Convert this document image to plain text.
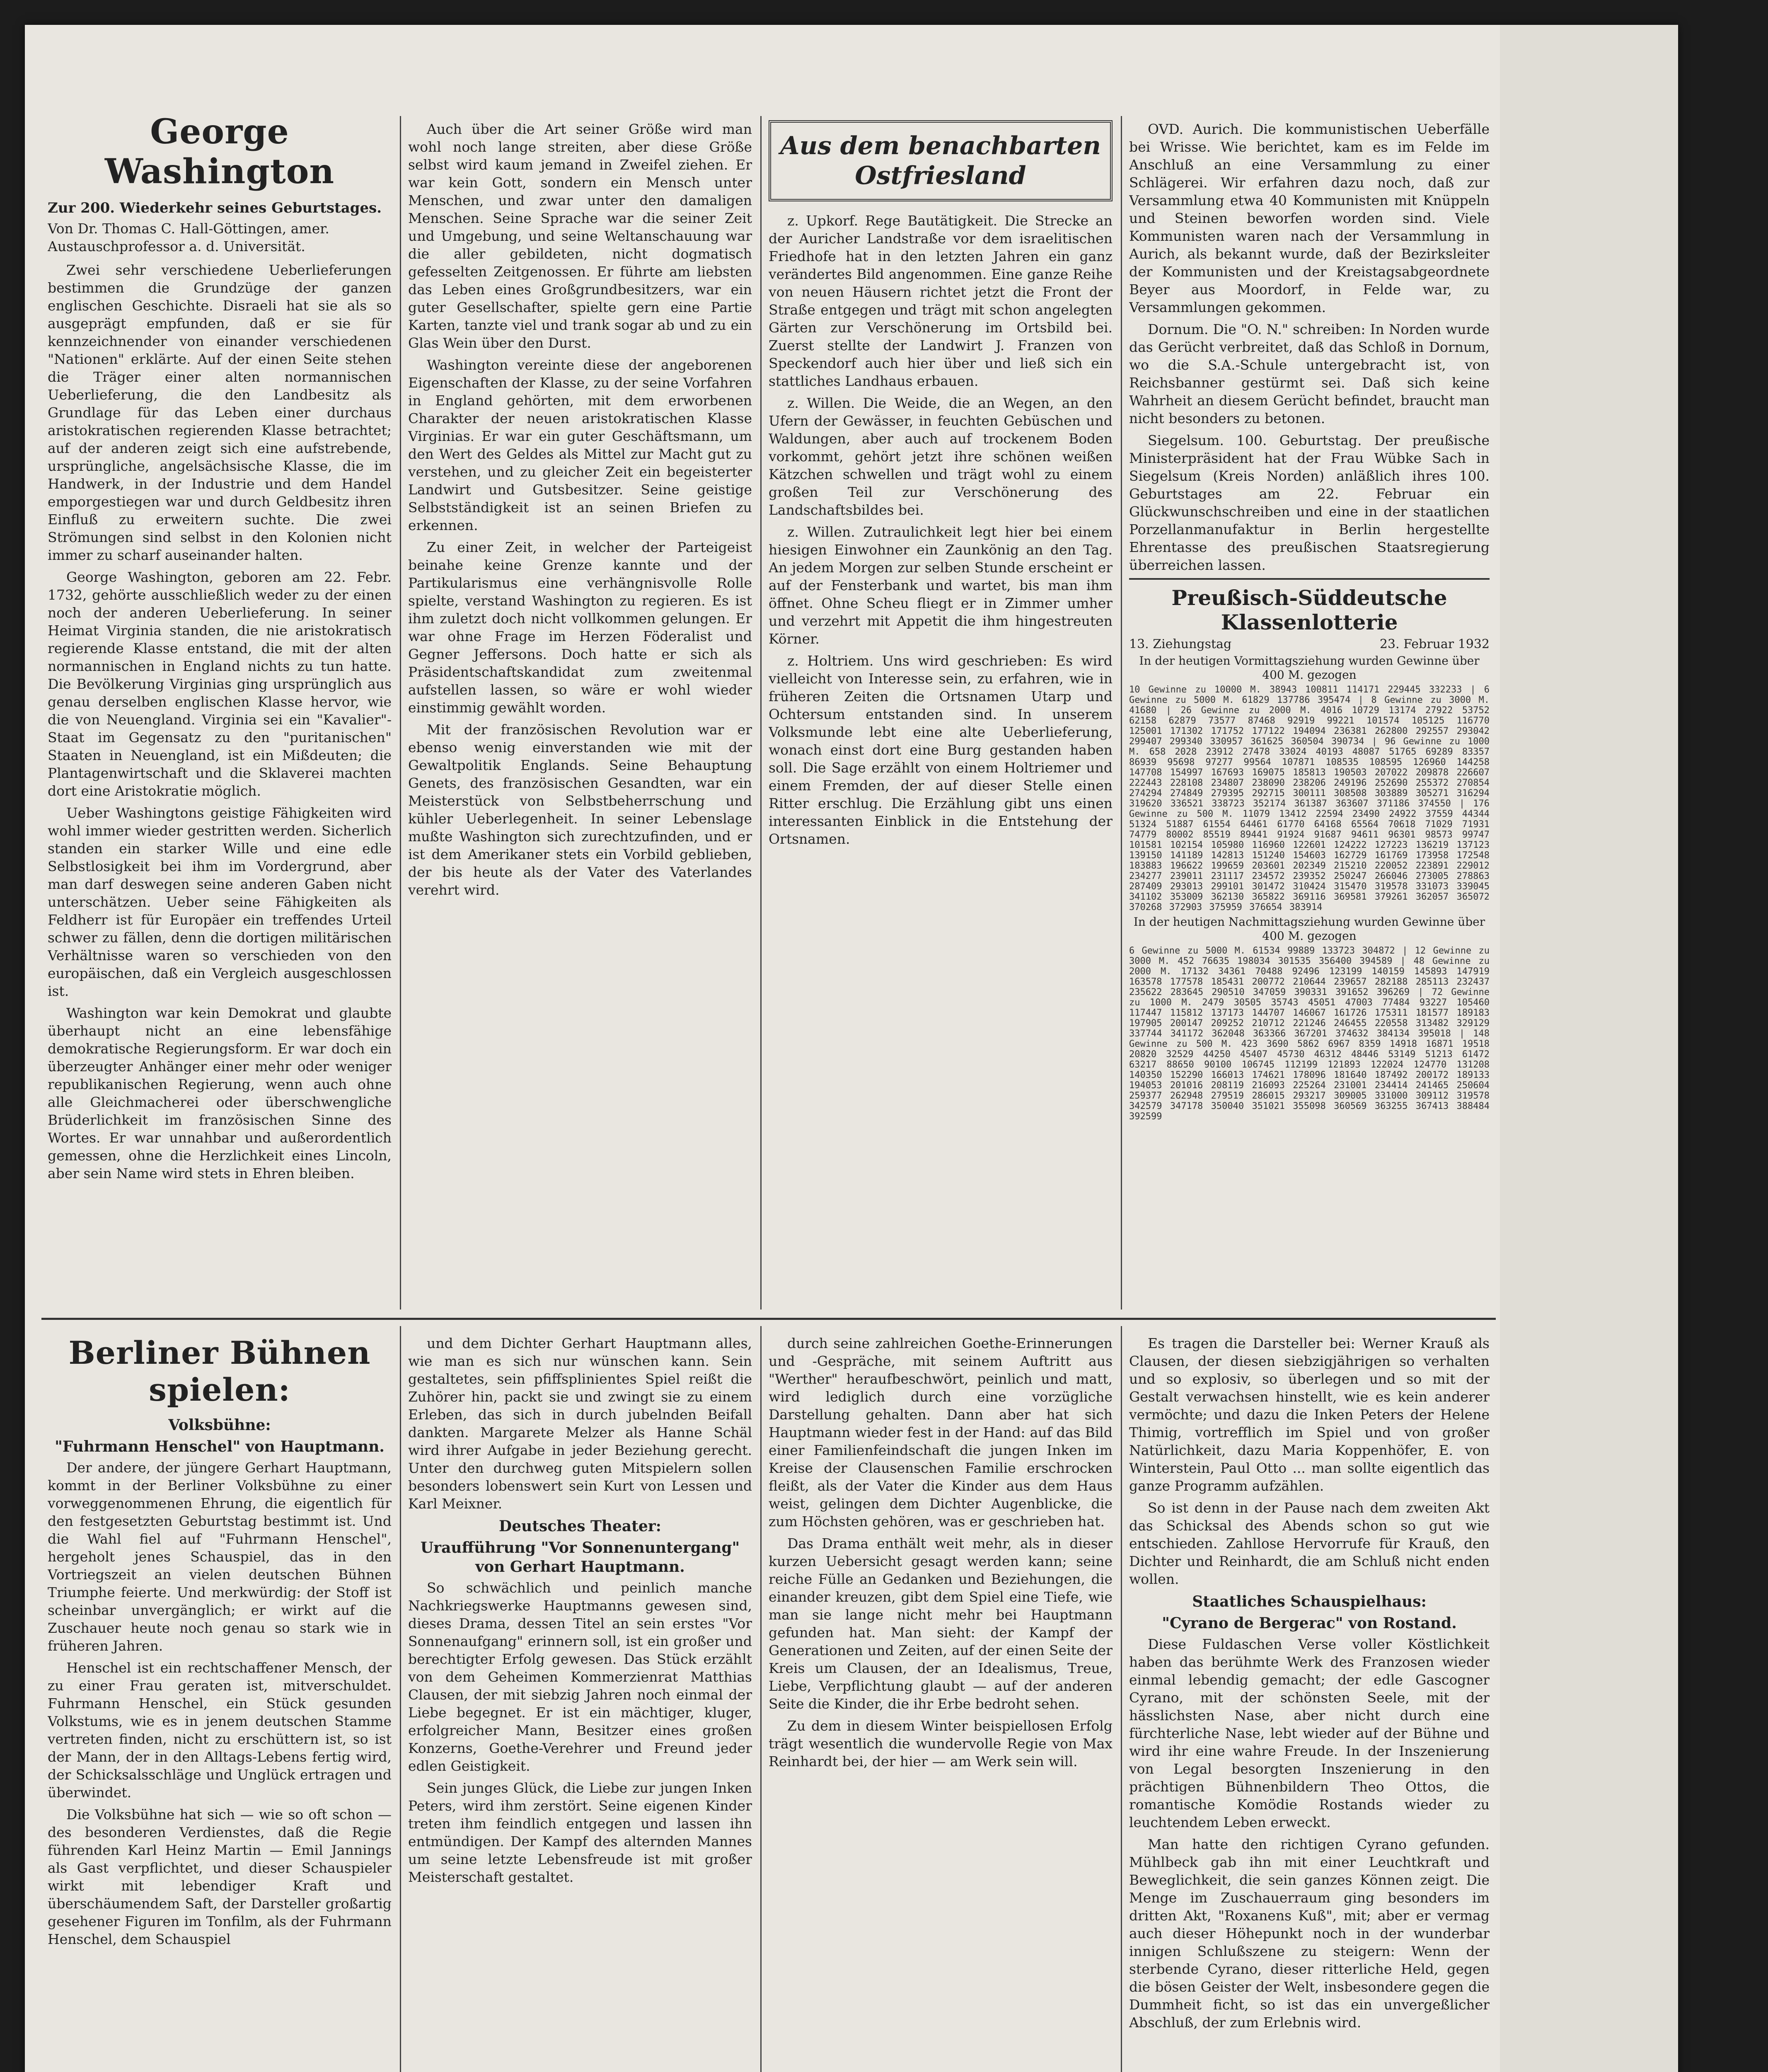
George Washington
Zur 200. Wiederkehr seines Geburtstages.
Von Dr. Thomas C. Hall-Göttingen, amer. Austauschprofessor a. d. Universität.

Zwei sehr verschiedene Ueberlieferungen bestimmen die Grundzüge der ganzen englischen Geschichte. Disraeli hat sie als so ausgeprägt empfunden, daß er sie für kennzeichnender von einander verschiedenen "Nationen" erklärte. Auf der einen Seite stehen die Träger einer alten normannischen Ueberlieferung, die den Landbesitz als Grundlage für das Leben einer durchaus aristokratischen regierenden Klasse betrachtet; auf der anderen zeigt sich eine aufstrebende, ursprüngliche, angelsächsische Klasse, die im Handwerk, in der Industrie und dem Handel emporgestiegen war und durch Geldbesitz ihren Einfluß zu erweitern suchte. Die zwei Strömungen sind selbst in den Kolonien nicht immer zu scharf auseinander halten.

George Washington, geboren am 22. Febr. 1732, gehörte ausschließlich weder zu der einen noch der anderen Ueberlieferung. In seiner Heimat Virginia standen, die nie aristokratisch regierende Klasse entstand, die mit der alten normannischen in England nichts zu tun hatte. Die Bevölkerung Virginias ging ursprünglich aus genau derselben englischen Klasse hervor, wie die von Neuengland. Virginia sei ein "Kavalier"-Staat im Gegensatz zu den "puritanischen" Staaten in Neuengland, ist ein Mißdeuten; die Plantagenwirtschaft und die Sklaverei machten dort eine Aristokratie möglich.

Ueber Washingtons geistige Fähigkeiten wird wohl immer wieder gestritten werden. Sicherlich standen ein starker Wille und eine edle Selbstlosigkeit bei ihm im Vordergrund, aber man darf deswegen seine anderen Gaben nicht unterschätzen. Ueber seine Fähigkeiten als Feldherr ist für Europäer ein treffendes Urteil schwer zu fällen, denn die dortigen militärischen Verhältnisse waren so verschieden von den europäischen, daß ein Vergleich ausgeschlossen ist.

Washington war kein Demokrat und glaubte überhaupt nicht an eine lebensfähige demokratische Regierungsform. Er war doch ein überzeugter Anhänger einer mehr oder weniger republikanischen Regierung, wenn auch ohne alle Gleichmacherei oder überschwengliche Brüderlichkeit im französischen Sinne des Wortes. Er war unnahbar und außerordentlich gemessen, ohne die Herzlichkeit eines Lincoln, aber sein Name wird stets in Ehren bleiben.

Auch über die Art seiner Größe wird man wohl noch lange streiten, aber diese Größe selbst wird kaum jemand in Zweifel ziehen. Er war kein Gott, sondern ein Mensch unter Menschen, und zwar unter den damaligen Menschen. Seine Sprache war die seiner Zeit und Umgebung, und seine Weltanschauung war die aller gebildeten, nicht dogmatisch gefesselten Zeitgenossen. Er führte am liebsten das Leben eines Großgrundbesitzers, war ein guter Gesellschafter, spielte gern eine Partie Karten, tanzte viel und trank sogar ab und zu ein Glas Wein über den Durst.

Washington vereinte diese der angeborenen Eigenschaften der Klasse, zu der seine Vorfahren in England gehörten, mit dem erworbenen Charakter der neuen aristokratischen Klasse Virginias. Er war ein guter Geschäftsmann, um den Wert des Geldes als Mittel zur Macht gut zu verstehen, und zu gleicher Zeit ein begeisterter Landwirt und Gutsbesitzer. Seine geistige Selbstständigkeit ist an seinen Briefen zu erkennen.

Zu einer Zeit, in welcher der Parteigeist beinahe keine Grenze kannte und der Partikularismus eine verhängnisvolle Rolle spielte, verstand Washington zu regieren. Es ist ihm zuletzt doch nicht vollkommen gelungen. Er war ohne Frage im Herzen Föderalist und Gegner Jeffersons. Doch hatte er sich als Präsidentschaftskandidat zum zweitenmal aufstellen lassen, so wäre er wohl wieder einstimmig gewählt worden.

Mit der französischen Revolution war er ebenso wenig einverstanden wie mit der Gewaltpolitik Englands. Seine Behauptung Genets, des französischen Gesandten, war ein Meisterstück von Selbstbeherrschung und kühler Ueberlegenheit. In seiner Lebenslage mußte Washington sich zurechtzufinden, und er ist dem Amerikaner stets ein Vorbild geblieben, der bis heute als der Vater des Vaterlandes verehrt wird.

Aus dem benachbarten Ostfriesland

z. Upkorf. Rege Bautätigkeit. Die Strecke an der Auricher Landstraße vor dem israelitischen Friedhofe hat in den letzten Jahren ein ganz verändertes Bild angenommen. Eine ganze Reihe von neuen Häusern richtet jetzt die Front der Straße entgegen und trägt mit schon angelegten Gärten zur Verschönerung im Ortsbild bei. Zuerst stellte der Landwirt J. Franzen von Speckendorf auch hier über und ließ sich ein stattliches Landhaus erbauen.

z. Willen. Die Weide, die an Wegen, an den Ufern der Gewässer, in feuchten Gebüschen und Waldungen, aber auch auf trockenem Boden vorkommt, gehört jetzt ihre schönen weißen Kätzchen schwellen und trägt wohl zu einem großen Teil zur Verschönerung des Landschaftsbildes bei.

z. Willen. Zutraulichkeit legt hier bei einem hiesigen Einwohner ein Zaunkönig an den Tag. An jedem Morgen zur selben Stunde erscheint er auf der Fensterbank und wartet, bis man ihm öffnet. Ohne Scheu fliegt er in Zimmer umher und verzehrt mit Appetit die ihm hingestreuten Körner.

z. Holtriem. Uns wird geschrieben: Es wird vielleicht von Interesse sein, zu erfahren, wie in früheren Zeiten die Ortsnamen Utarp und Ochtersum entstanden sind. In unserem Volksmunde lebt eine alte Ueberlieferung, wonach einst dort eine Burg gestanden haben soll. Die Sage erzählt von einem Holtriemer und einem Fremden, der auf dieser Stelle einen Ritter erschlug. Die Erzählung gibt uns einen interessanten Einblick in die Entstehung der Ortsnamen.

OVD. Aurich. Die kommunistischen Ueberfälle bei Wrisse. Wie berichtet, kam es im Felde im Anschluß an eine Versammlung zu einer Schlägerei. Wir erfahren dazu noch, daß zur Versammlung etwa 40 Kommunisten mit Knüppeln und Steinen beworfen worden sind. Viele Kommunisten waren nach der Versammlung in Aurich, als bekannt wurde, daß der Bezirksleiter der Kommunisten und der Kreistagsabgeordnete Beyer aus Moordorf, in Felde war, zu Versammlungen gekommen.

Dornum. Die "O. N." schreiben: In Norden wurde das Gerücht verbreitet, daß das Schloß in Dornum, wo die S.A.-Schule untergebracht ist, von Reichsbanner gestürmt sei. Daß sich keine Wahrheit an diesem Gerücht befindet, braucht man nicht besonders zu betonen.

Siegelsum. 100. Geburtstag. Der preußische Ministerpräsident hat der Frau Wübke Sach in Siegelsum (Kreis Norden) anläßlich ihres 100. Geburtstages am 22. Februar ein Glückwunschschreiben und eine in der staatlichen Porzellanmanufaktur in Berlin hergestellte Ehrentasse des preußischen Staatsregierung überreichen lassen.

Preußisch-Süddeutsche Klassenlotterie
13. Ziehungstag	23. Februar 1932
In der heutigen Vormittagsziehung wurden Gewinne über 400 M. gezogen
10 Gewinne zu 10000 M. 38943 100811 114171 229445 332233 | 6 Gewinne zu 5000 M. 61829 137786 395474 | 8 Gewinne zu 3000 M. 41680 | 26 Gewinne zu 2000 M. 4016 10729 13174 27922 53752 62158 62879 73577 87468 92919 99221 101574 105125 116770 125001 171302 171752 177122 194094 236381 262800 292557 293042 299407 299340 330957 361625 360504 390734 | 96 Gewinne zu 1000 M. 658 2028 23912 27478 33024 40193 48087 51765 69289 83357 86939 95698 97277 99564 107871 108535 108595 126960 144258 147708 154997 167693 169075 185813 190503 207022 209878 226607 222443 228108 234807 238090 238206 249196 252690 255372 270854 274294 274849 279395 292715 300111 308508 303889 305271 316294 319620 336521 338723 352174 361387 363607 371186 374550 | 176 Gewinne zu 500 M. 11079 13412 22594 23490 24922 37559 44344 51324 51887 61554 64461 61770 64168 65564 70618 71029 71931 74779 80002 85519 89441 91924 91687 94611 96301 98573 99747 101581 102154 105980 116960 122601 124222 127223 136219 137123 139150 141189 142813 151240 154603 162729 161769 173958 172548 183883 196622 199659 203601 202349 215210 220052 223891 229012 234277 239011 231117 234572 239352 250247 266046 273005 278863 287409 293013 299101 301472 310424 315470 319578 331073 339045 341102 353009 362130 365822 369116 369581 379261 362057 365072 370268 372903 375959 376654 383914
In der heutigen Nachmittagsziehung wurden Gewinne über 400 M. gezogen
6 Gewinne zu 5000 M. 61534 99889 133723 304872 | 12 Gewinne zu 3000 M. 452 76635 198034 301535 356400 394589 | 48 Gewinne zu 2000 M. 17132 34361 70488 92496 123199 140159 145893 147919 163578 177578 185431 200772 210644 239657 282188 285113 232437 235622 283645 290510 347059 390331 391652 396269 | 72 Gewinne zu 1000 M. 2479 30505 35743 45051 47003 77484 93227 105460 117447 115812 137173 144707 146067 161726 175311 181577 189183 197905 200147 209252 210712 221246 246455 220558 313482 329129 337744 341172 362048 363366 367201 374632 384134 395018 | 148 Gewinne zu 500 M. 423 3690 5862 6967 8359 14918 16871 19518 20820 32529 44250 45407 45730 46312 48446 53149 51213 61472 63217 88650 90100 106745 112199 121893 122024 124770 131208 140350 152290 166013 174621 178096 181640 187492 200172 189133 194053 201016 208119 216093 225264 231001 234414 241465 250604 259377 262948 279519 286015 293217 309005 331000 309112 319578 342579 347178 350040 351021 355098 360569 363255 367413 388484 392599
Berliner Bühnen spielen:
Volksbühne:
"Fuhrmann Henschel" von Hauptmann.

Der andere, der jüngere Gerhart Hauptmann, kommt in der Berliner Volksbühne zu einer vorweggenommenen Ehrung, die eigentlich für den festgesetzten Geburtstag bestimmt ist. Und die Wahl fiel auf "Fuhrmann Henschel", hergeholt jenes Schauspiel, das in den Vortriegszeit an vielen deutschen Bühnen Triumphe feierte. Und merkwürdig: der Stoff ist scheinbar unvergänglich; er wirkt auf die Zuschauer heute noch genau so stark wie in früheren Jahren.

Henschel ist ein rechtschaffener Mensch, der zu einer Frau geraten ist, mitverschuldet. Fuhrmann Henschel, ein Stück gesunden Volkstums, wie es in jenem deutschen Stamme vertreten finden, nicht zu erschüttern ist, so ist der Mann, der in den Alltags-Lebens fertig wird, der Schicksalsschläge und Unglück ertragen und überwindet.

Die Volksbühne hat sich — wie so oft schon — des besonderen Verdienstes, daß die Regie führenden Karl Heinz Martin — Emil Jannings als Gast verpflichtet, und dieser Schauspieler wirkt mit lebendiger Kraft und überschäumendem Saft, der Darsteller großartig gesehener Figuren im Tonfilm, als der Fuhrmann Henschel, dem Schauspiel

und dem Dichter Gerhart Hauptmann alles, wie man es sich nur wünschen kann. Sein gestaltetes, sein pfiffsplinientes Spiel reißt die Zuhörer hin, packt sie und zwingt sie zu einem Erleben, das sich in durch jubelnden Beifall dankten. Margarete Melzer als Hanne Schäl wird ihrer Aufgabe in jeder Beziehung gerecht. Unter den durchweg guten Mitspielern sollen besonders lobenswert sein Kurt von Lessen und Karl Meixner.

Deutsches Theater:
Uraufführung "Vor Sonnenuntergang" von Gerhart Hauptmann.

So schwächlich und peinlich manche Nachkriegswerke Hauptmanns gewesen sind, dieses Drama, dessen Titel an sein erstes "Vor Sonnenaufgang" erinnern soll, ist ein großer und berechtigter Erfolg gewesen. Das Stück erzählt von dem Geheimen Kommerzienrat Matthias Clausen, der mit siebzig Jahren noch einmal der Liebe begegnet. Er ist ein mächtiger, kluger, erfolgreicher Mann, Besitzer eines großen Konzerns, Goethe-Verehrer und Freund jeder edlen Geistigkeit.

Sein junges Glück, die Liebe zur jungen Inken Peters, wird ihm zerstört. Seine eigenen Kinder treten ihm feindlich entgegen und lassen ihn entmündigen. Der Kampf des alternden Mannes um seine letzte Lebensfreude ist mit großer Meisterschaft gestaltet.

durch seine zahlreichen Goethe-Erinnerungen und -Gespräche, mit seinem Auftritt aus "Werther" heraufbeschwört, peinlich und matt, wird lediglich durch eine vorzügliche Darstellung gehalten. Dann aber hat sich Hauptmann wieder fest in der Hand: auf das Bild einer Familienfeindschaft die jungen Inken im Kreise der Clausenschen Familie erschrocken fleißt, als der Vater die Kinder aus dem Haus weist, gelingen dem Dichter Augenblicke, die zum Höchsten gehören, was er geschrieben hat.

Das Drama enthält weit mehr, als in dieser kurzen Uebersicht gesagt werden kann; seine reiche Fülle an Gedanken und Beziehungen, die einander kreuzen, gibt dem Spiel eine Tiefe, wie man sie lange nicht mehr bei Hauptmann gefunden hat. Man sieht: der Kampf der Generationen und Zeiten, auf der einen Seite der Kreis um Clausen, der an Idealismus, Treue, Liebe, Verpflichtung glaubt — auf der anderen Seite die Kinder, die ihr Erbe bedroht sehen.

Zu dem in diesem Winter beispiellosen Erfolg trägt wesentlich die wundervolle Regie von Max Reinhardt bei, der hier — am Werk sein will.

Es tragen die Darsteller bei: Werner Krauß als Clausen, der diesen siebzigjährigen so verhalten und so explosiv, so überlegen und so mit der Gestalt verwachsen hinstellt, wie es kein anderer vermöchte; und dazu die Inken Peters der Helene Thimig, vortrefflich im Spiel und von großer Natürlichkeit, dazu Maria Koppenhöfer, E. von Winterstein, Paul Otto ... man sollte eigentlich das ganze Programm aufzählen.

So ist denn in der Pause nach dem zweiten Akt das Schicksal des Abends schon so gut wie entschieden. Zahllose Hervorrufe für Krauß, den Dichter und Reinhardt, die am Schluß nicht enden wollen.

Staatliches Schauspielhaus:
"Cyrano de Bergerac" von Rostand.

Diese Fuldaschen Verse voller Köstlichkeit haben das berühmte Werk des Franzosen wieder einmal lebendig gemacht; der edle Gascogner Cyrano, mit der schönsten Seele, mit der hässlichsten Nase, aber nicht durch eine fürchterliche Nase, lebt wieder auf der Bühne und wird ihr eine wahre Freude. In der Inszenierung von Legal besorgten Inszenierung in den prächtigen Bühnenbildern Theo Ottos, die romantische Komödie Rostands wieder zu leuchtendem Leben erweckt.

Man hatte den richtigen Cyrano gefunden. Mühlbeck gab ihn mit einer Leuchtkraft und Beweglichkeit, die sein ganzes Können zeigt. Die Menge im Zuschauerraum ging besonders im dritten Akt, "Roxanens Kuß", mit; aber er vermag auch dieser Höhepunkt noch in der wunderbar innigen Schlußszene zu steigern: Wenn der sterbende Cyrano, dieser ritterliche Held, gegen die bösen Geister der Welt, insbesondere gegen die Dummheit ficht, so ist das ein unvergeßlicher Abschluß, der zum Erlebnis wird.
